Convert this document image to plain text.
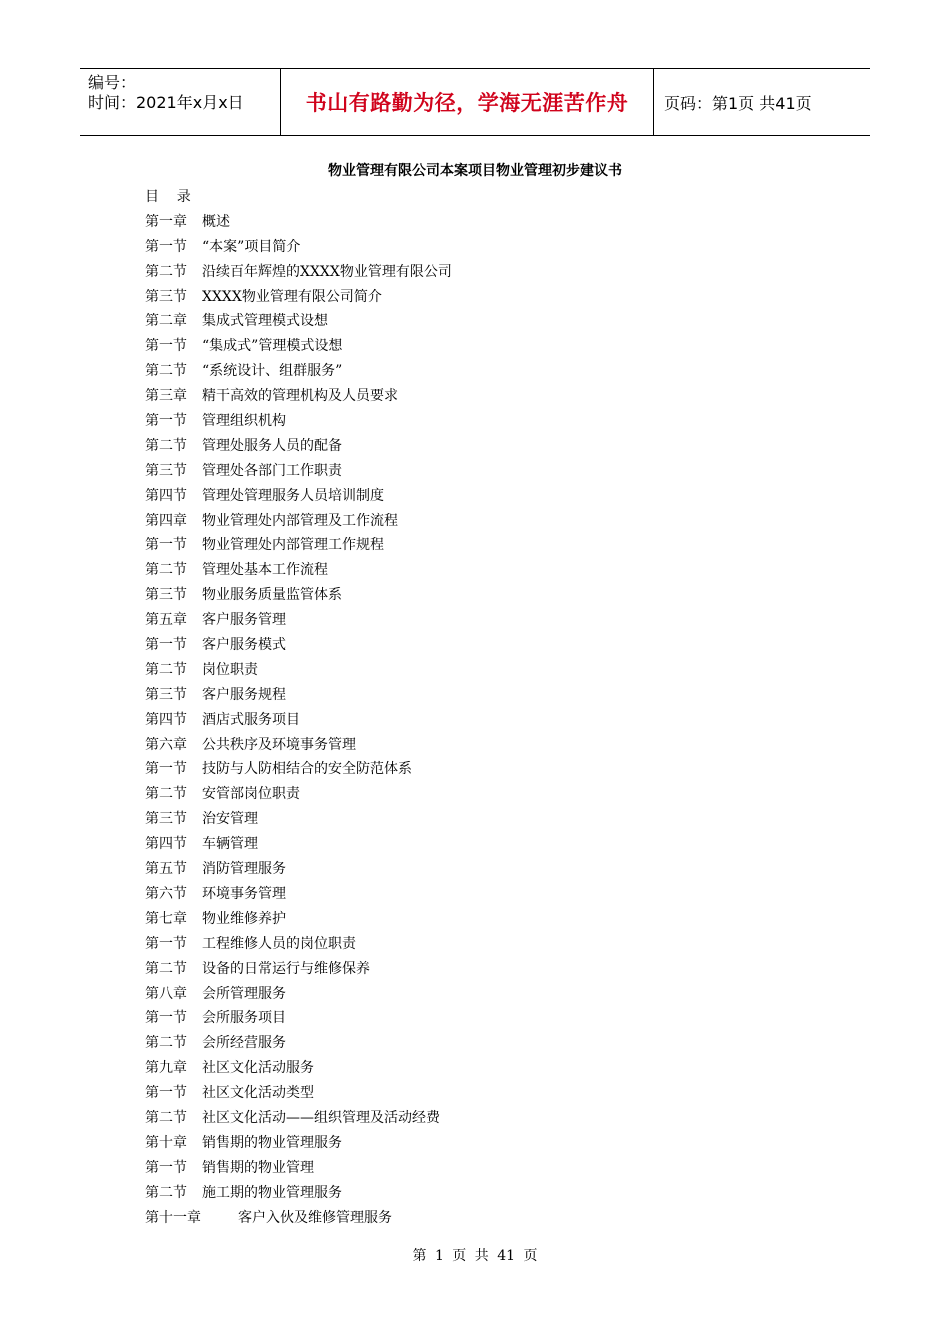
编号：
时间：2021年x月x日	书山有路勤为径，学海无涯苦作舟 页码：第1页 共41页
物业管理有限公司本案项目物业管理初步建议书
目    录
第一章 概述
第一节 “本案”项目简介
第二节 沿续百年辉煌的XXXX物业管理有限公司
第三节 XXXX物业管理有限公司简介
第二章 集成式管理模式设想
第一节 “集成式”管理模式设想
第二节 “系统设计、组群服务”
第三章 精干高效的管理机构及人员要求
第一节 管理组织机构
第二节 管理处服务人员的配备
第三节 管理处各部门工作职责
第四节 管理处管理服务人员培训制度
第四章 物业管理处内部管理及工作流程
第一节 物业管理处内部管理工作规程
第二节 管理处基本工作流程
第三节 物业服务质量监管体系
第五章 客户服务管理
第一节 客户服务模式
第二节 岗位职责
第三节 客户服务规程
第四节 酒店式服务项目
第六章 公共秩序及环境事务管理
第一节 技防与人防相结合的安全防范体系
第二节 安管部岗位职责
第三节 治安管理
第四节 车辆管理
第五节 消防管理服务
第六节 环境事务管理
第七章 物业维修养护
第一节 工程维修人员的岗位职责
第二节 设备的日常运行与维修保养
第八章 会所管理服务
第一节 会所服务项目
第二节 会所经营服务
第九章 社区文化活动服务
第一节 社区文化活动类型
第二节 社区文化活动——组织管理及活动经费
第十章 销售期的物业管理服务
第一节 销售期的物业管理
第二节 施工期的物业管理服务
第十一章	客户入伙及维修管理服务
第 1 页 共 41 页
